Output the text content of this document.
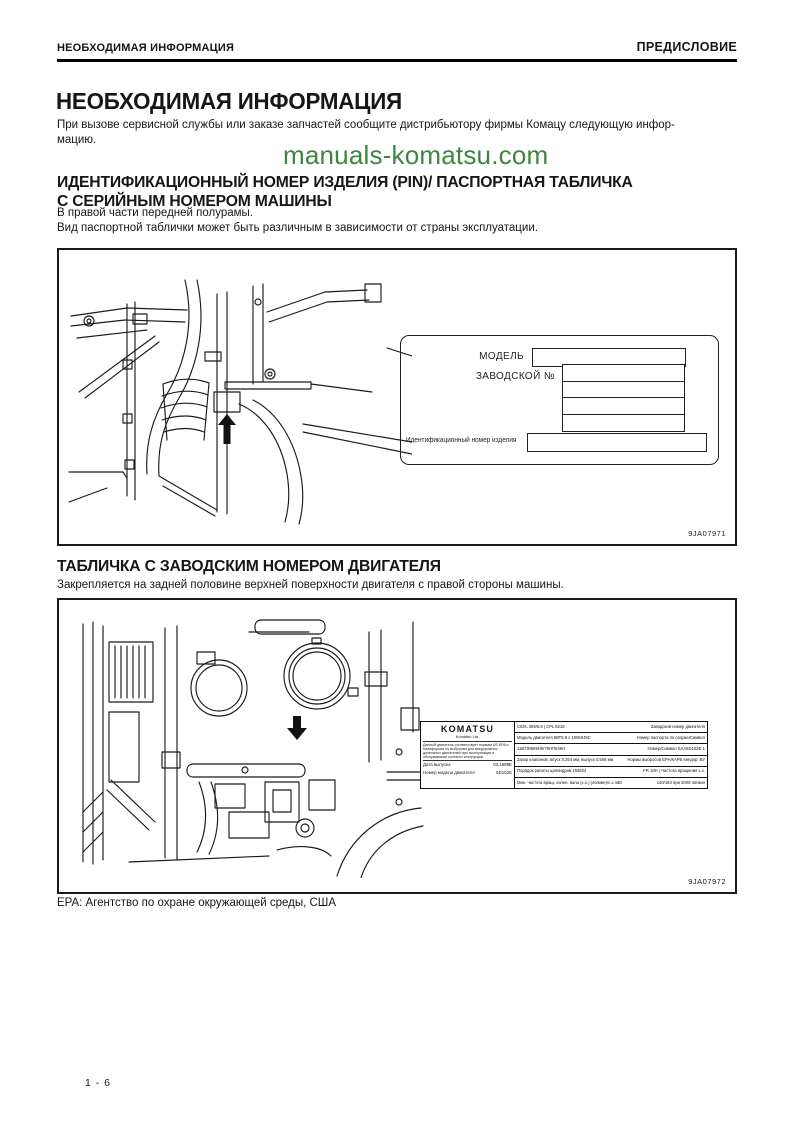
НЕОБХОДИМАЯ ИНФОРМАЦИЯ	ПРЕДИСЛОВИЕ
НЕОБХОДИМАЯ ИНФОРМАЦИЯ
При вызове сервисной службы или заказе запчастей сообщите дистрибьютору фирмы Комацу следующую инфор-
мацию.
manuals-komatsu.com
ИДЕНТИФИКАЦИОННЫЙ НОМЕР ИЗДЕЛИЯ (PIN)/ ПАСПОРТНАЯ ТАБЛИЧКА
С СЕРИЙНЫМ НОМЕРОМ МАШИНЫ
В правой части передней полурамы.
Вид паспортной таблички может быть различным в зависимости от страны эксплуатации.
МОДЕЛЬ
ЗАВОДСКОЙ №
Идентификационный номер изделия
9JA07971
ТАБЛИЧКА С ЗАВОДСКИМ НОМЕРОМ ДВИГАТЕЛЯ
Закрепляется на задней половине верхней поверхности двигателя с правой стороны машины.
KOMATSU
Komatsu Ltd.
Данный двигатель соответствует нормам US EPA и Калифорнии по выбросам для внедорожных дизельных двигателей при эксплуатации и обслуживании согласно инструкции.
Дата выпуска	03.1999Е
Номер модели двигателя	6D102E
CID/L 359/5.9 | CPL 8216	Заводской номер двигателя
Модель двигателя 6ВТ5.9 х 1055049С	Номер паспорта по сборке/Символ
11В7Л/В65НК/70НП64КН	Номер/Символ SАА6D102Е-1
Зазор клапанов: впуск 0.254 мм, выпуск 0.508 мм	Нормы выбросов ЕРА/КАРБ внедор. ВУ
Порядок работы цилиндров 153624	FR 18Н | Частота вращения х.х.
Мин. частота вращ. колен. вала (х.х.) (об/мин)/л.с./кВт	140/184 при 2000 об/мин
9JA07972
EPA: Агентство по охране окружающей среды, США
1 - 6
